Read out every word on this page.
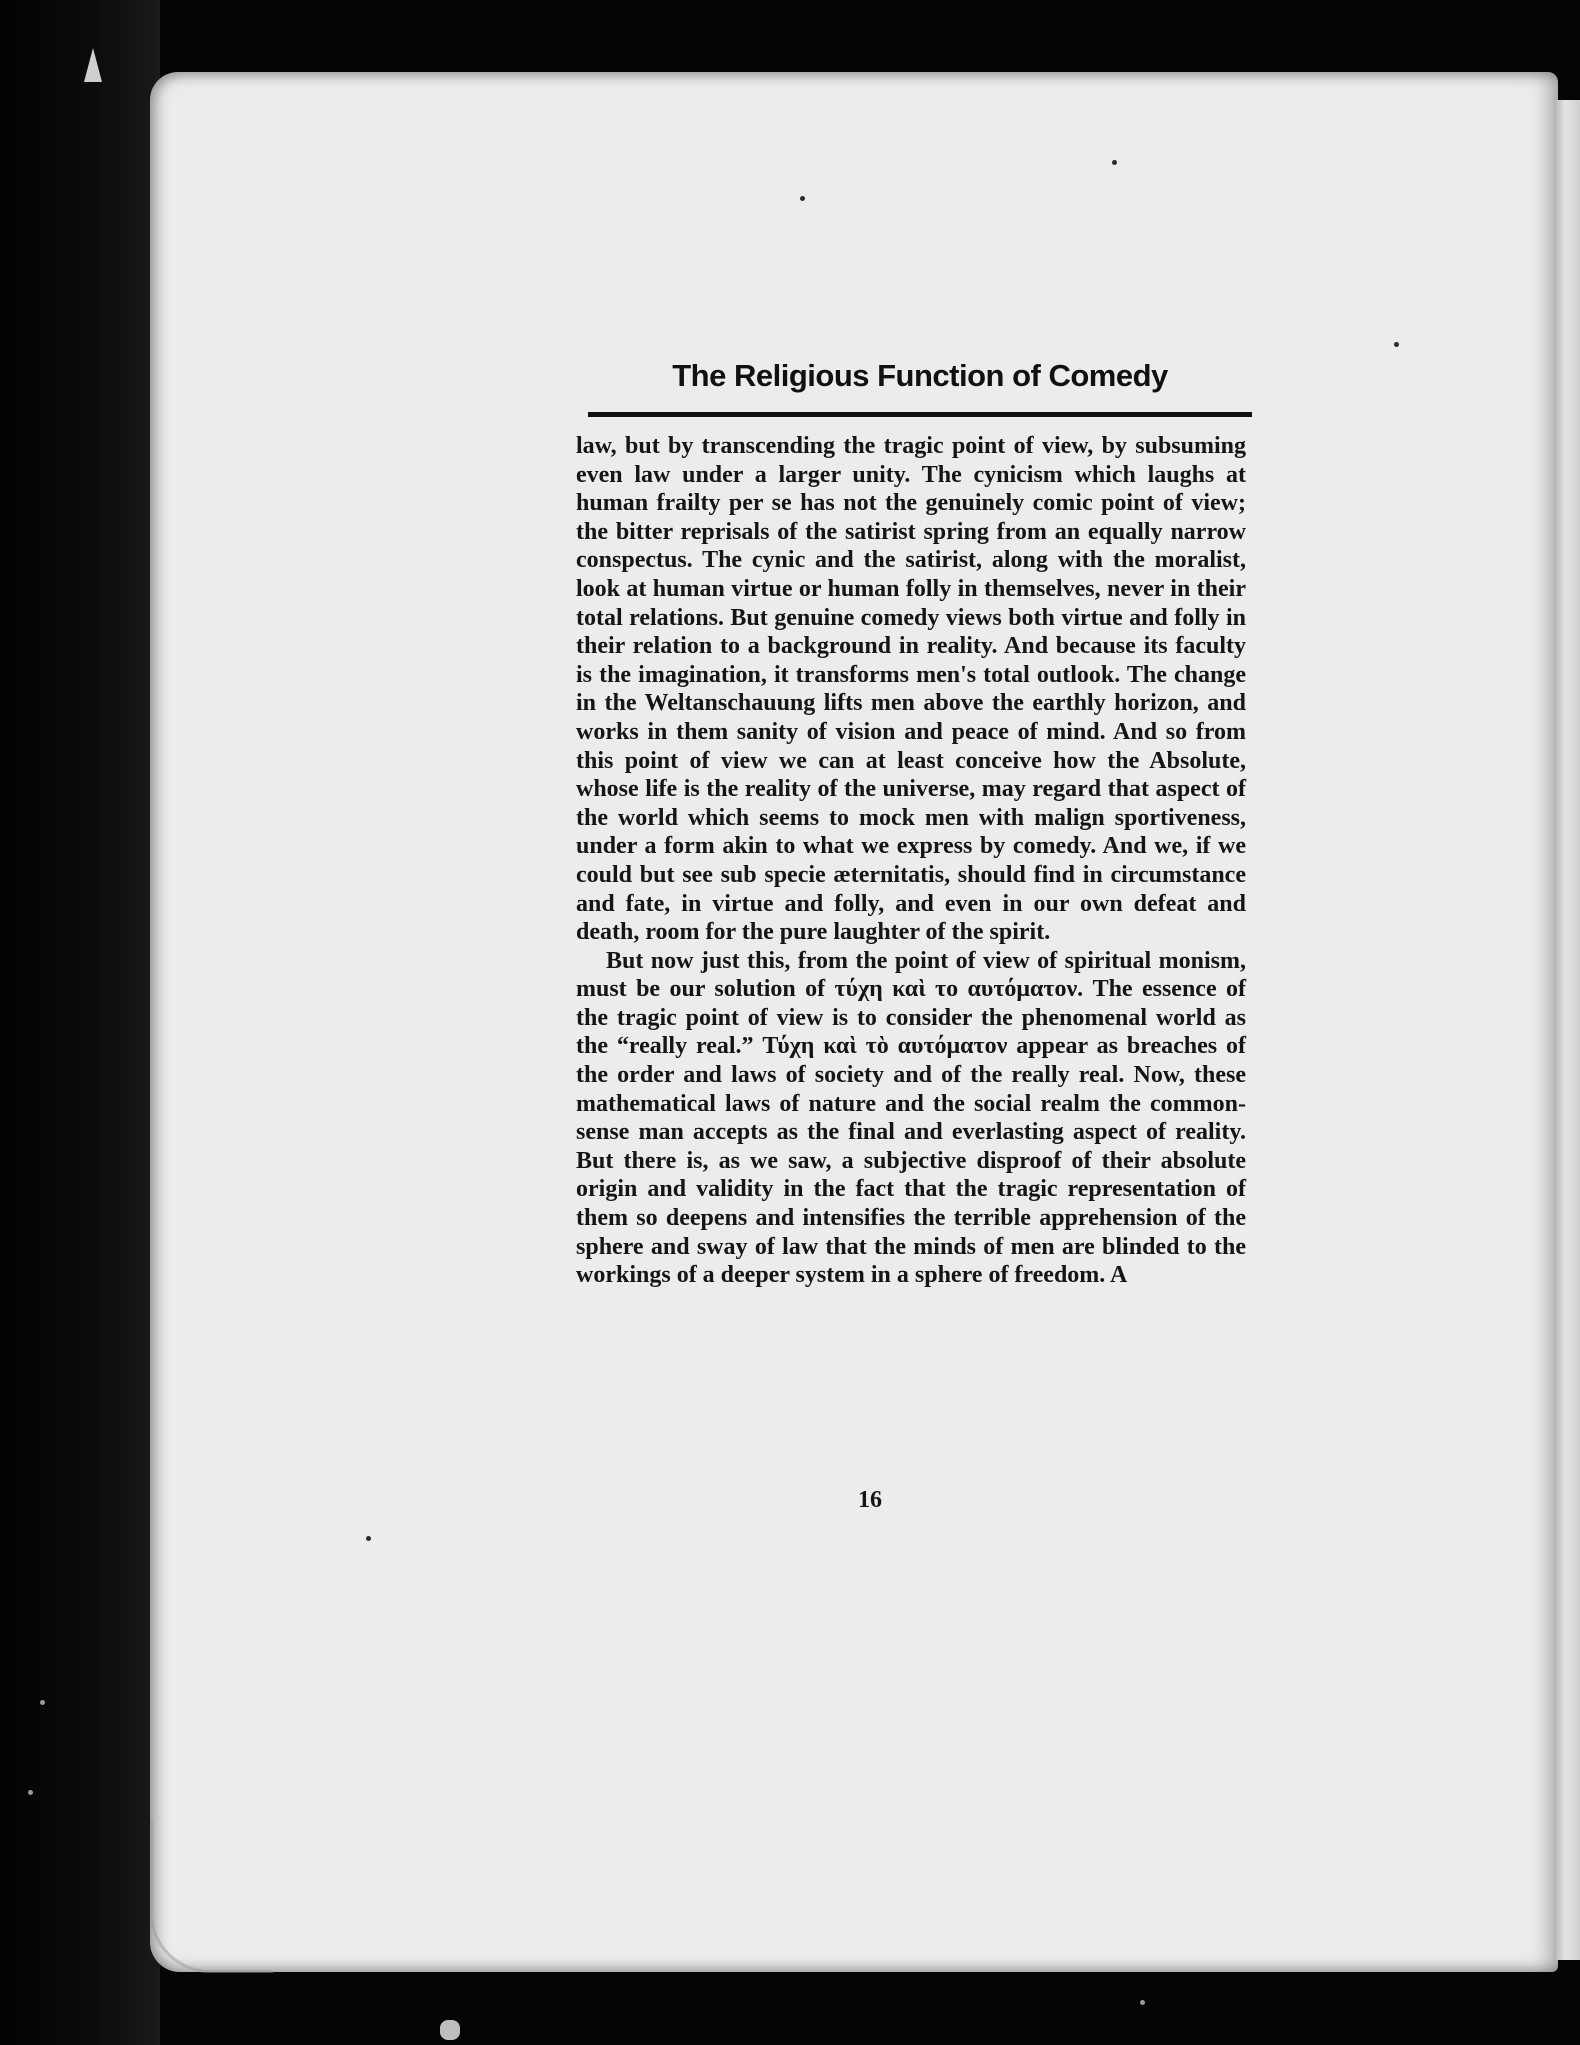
The Religious Function of Comedy

law, but by transcending the tragic point of view, by subsuming even law under a larger unity. The cynicism which laughs at human frailty per se has not the genuinely comic point of view; the bitter reprisals of the satirist spring from an equally narrow conspectus. The cynic and the satirist, along with the moralist, look at human virtue or human folly in themselves, never in their total relations. But genuine comedy views both virtue and folly in their relation to a background in reality. And because its faculty is the imagination, it transforms men's total outlook. The change in the Weltanschauung lifts men above the earthly horizon, and works in them sanity of vision and peace of mind. And so from this point of view we can at least conceive how the Absolute, whose life is the reality of the universe, may regard that aspect of the world which seems to mock men with malign sportiveness, under a form akin to what we express by comedy. And we, if we could but see sub specie æternitatis, should find in circumstance and fate, in virtue and folly, and even in our own defeat and death, room for the pure laughter of the spirit.

But now just this, from the point of view of spiritual monism, must be our solution of τύχη καὶ το αυτόματον. The essence of the tragic point of view is to consider the phenomenal world as the “really real.” Τύχη καὶ τὸ αυτόματον appear as breaches of the order and laws of society and of the really real. Now, these mathematical laws of nature and the social realm the common-sense man accepts as the final and everlasting aspect of reality. But there is, as we saw, a subjective disproof of their absolute origin and validity in the fact that the tragic representation of them so deepens and intensifies the terrible apprehension of the sphere and sway of law that the minds of men are blinded to the workings of a deeper system in a sphere of freedom. A

16
